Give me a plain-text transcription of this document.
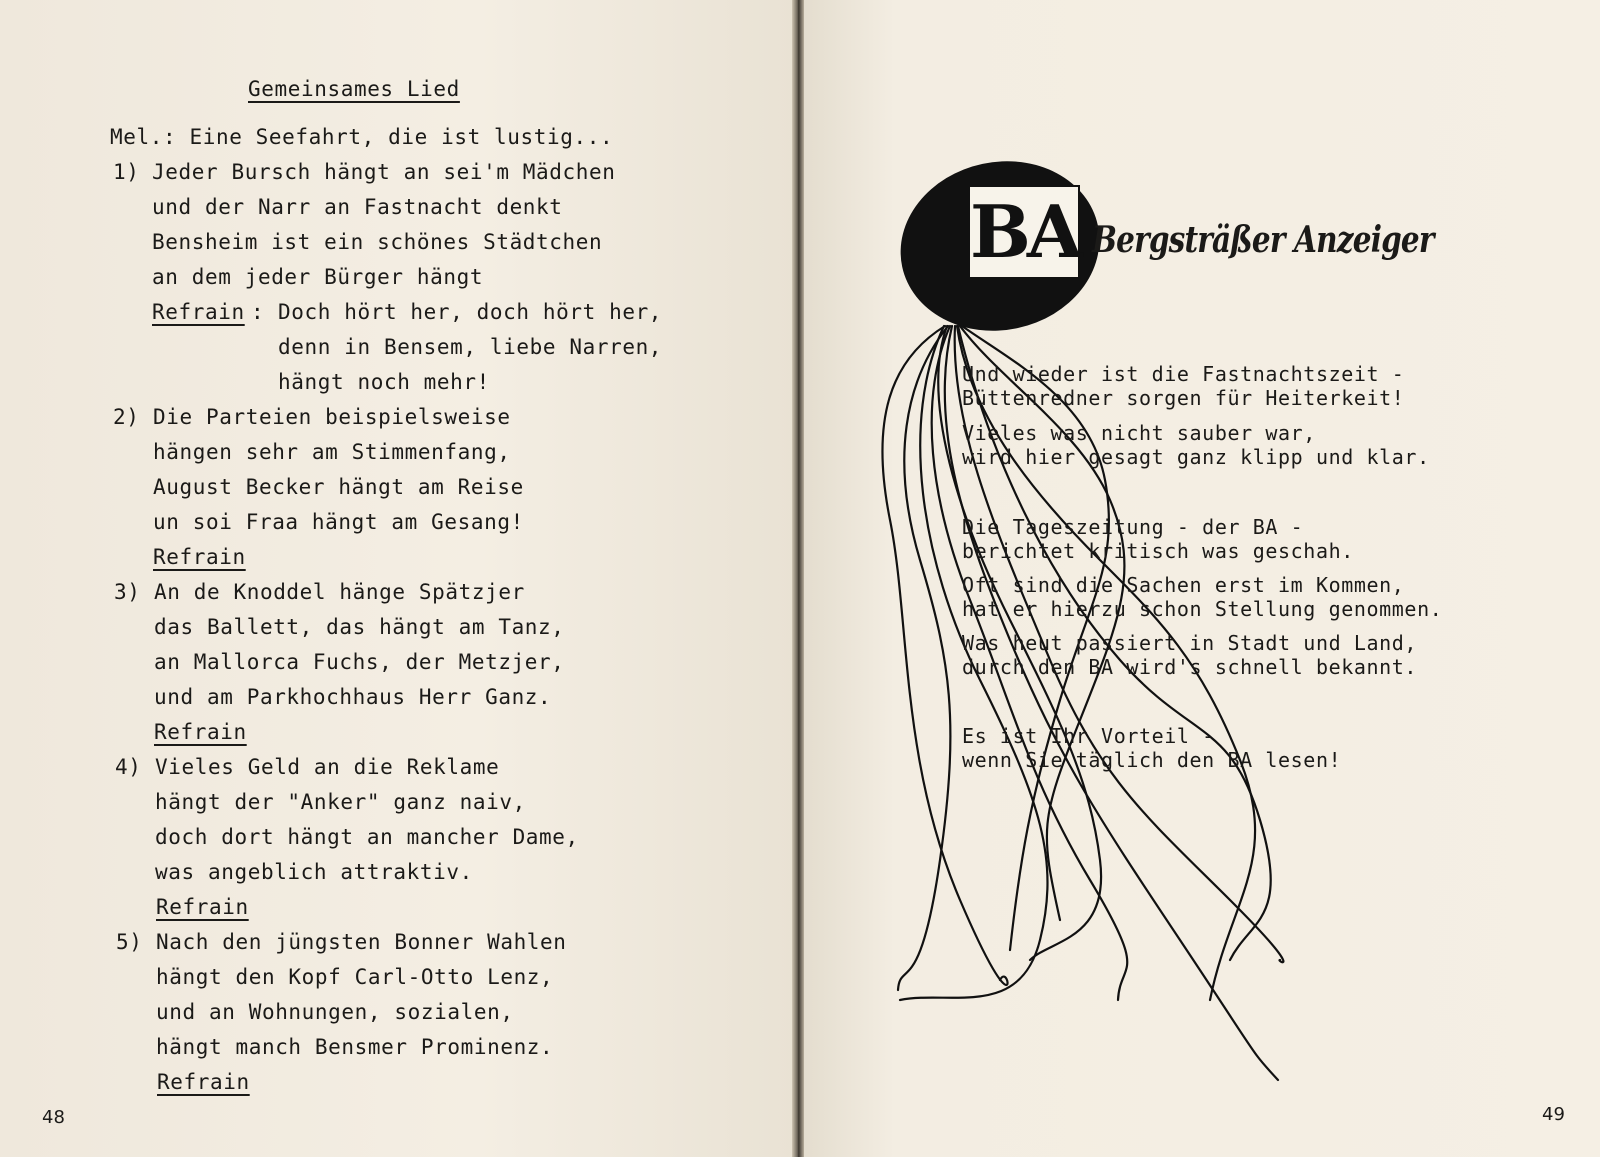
Gemeinsames Lied
Mel.: Eine Seefahrt, die ist lustig...
1) Jeder Bursch hängt an sei'm Mädchen
und der Narr an Fastnacht denkt
Bensheim ist ein schönes Städtchen
an dem jeder Bürger hängt
Refrain : Doch hört her, doch hört her,
denn in Bensem, liebe Narren,
hängt noch mehr!
2) Die Parteien beispielsweise
hängen sehr am Stimmenfang,
August Becker hängt am Reise
un soi Fraa hängt am Gesang!
Refrain
3) An de Knoddel hänge Spätzjer
das Ballett, das hängt am Tanz,
an Mallorca Fuchs, der Metzjer,
und am Parkhochhaus Herr Ganz.
Refrain
4) Vieles Geld an die Reklame
hängt der "Anker" ganz naiv,
doch dort hängt an mancher Dame,
was angeblich attraktiv.
Refrain
5) Nach den jüngsten Bonner Wahlen
hängt den Kopf Carl-Otto Lenz,
und an Wohnungen, sozialen,
hängt manch Bensmer Prominenz.
Refrain
48
BA Bergsträßer Anzeiger
Und wieder ist die Fastnachtszeit -
Büttenredner sorgen für Heiterkeit!
Vieles was nicht sauber war,
wird hier gesagt ganz klipp und klar.
Die Tageszeitung - der BA -
berichtet kritisch was geschah.
Oft sind die Sachen erst im Kommen,
hat er hierzu schon Stellung genommen.
Was heut passiert in Stadt und Land,
durch den BA wird's schnell bekannt.
Es ist Ihr Vorteil -
wenn Sie täglich den BA lesen!
49
